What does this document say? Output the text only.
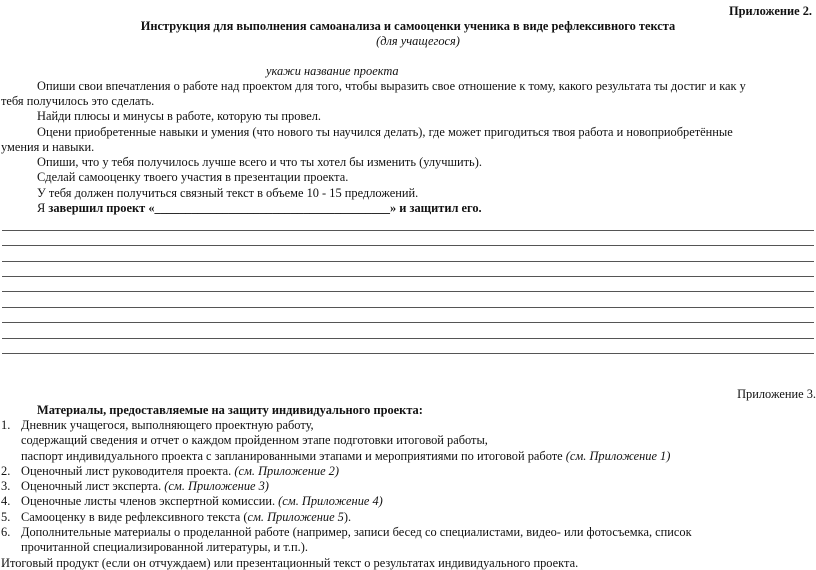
Приложение 2.
Инструкция для выполнения самоанализа и самооценки ученика в виде рефлексивного текста
(для учащегося)
укажи название проекта
Опиши свои впечатления о работе над проектом для того, чтобы выразить свое отношение к тому, какого результата ты достиг и как у
тебя получилось это сделать.
Найди плюсы и минусы в работе, которую ты провел.
Оцени приобретенные навыки и умения (что нового ты научился делать), где может пригодиться твоя работа и новоприобретённые
умения и навыки.
Опиши, что у тебя получилось лучше всего и что ты хотел бы изменить (улучшить).
Сделай самооценку твоего участия в презентации проекта.
У тебя должен получиться связный текст в объеме 10 - 15 предложений.
Я завершил проект «______________________________________» и защитил его.
Приложение 3.
Материалы, предоставляемые на защиту индивидуального проекта:
1. Дневник учащегося, выполняющего проектную работу,
содержащий сведения и отчет о каждом пройденном этапе подготовки итоговой работы,
паспорт индивидуального проекта с запланированными этапами и мероприятиями по итоговой работе (см. Приложение 1)
2. Оценочный лист руководителя проекта. (см. Приложение 2)
3. Оценочный лист эксперта. (см. Приложение 3)
4. Оценочные листы членов экспертной комиссии. (см. Приложение 4)
5. Самооценку в виде рефлексивного текста (см. Приложение 5).
6. Дополнительные материалы о проделанной работе (например, записи бесед со специалистами, видео- или фотосъемка, список
прочитанной специализированной литературы, и т.п.).
Итоговый продукт (если он отчуждаем) или презентационный текст о результатах индивидуального проекта.
